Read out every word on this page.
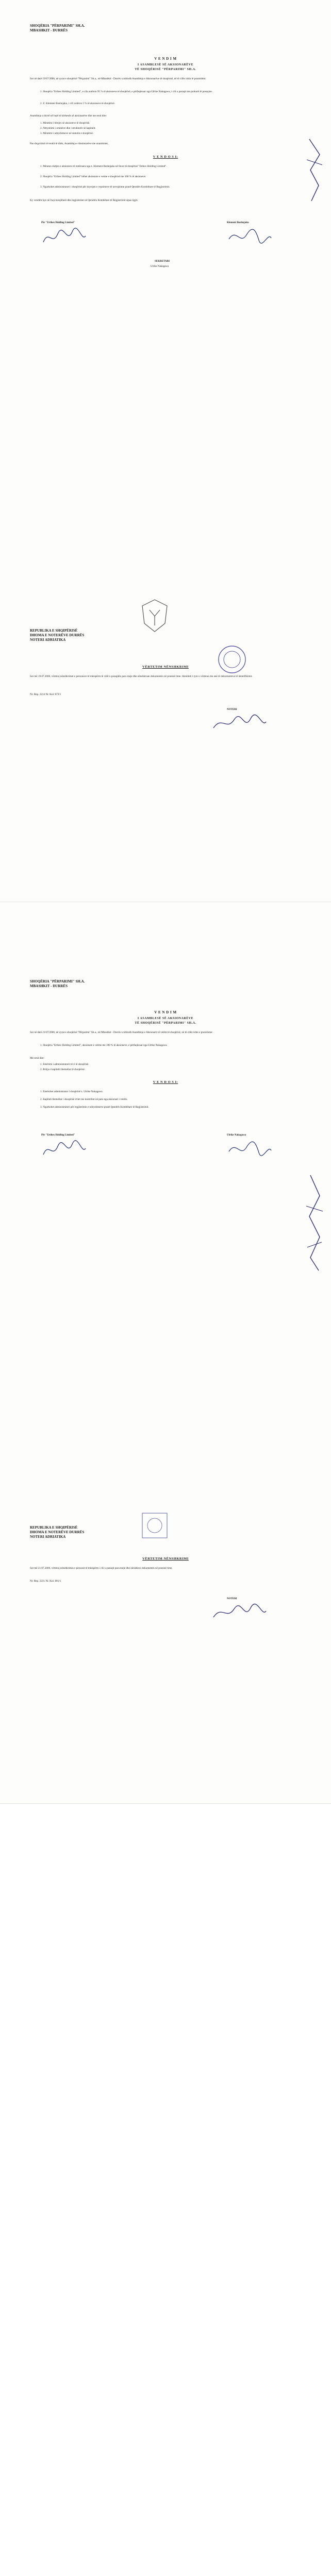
SHOQËRIA "PËRPARIMI" SH.A.
MBASHKIT - DURRËS
V E N D I M
I ASAMBLESË SË AKSIONARËVE
TË SHOQËRISË "PËRPARIMI" SH.A.
Sot në datë 19/07/2006, në zyrat e shoqërisë "Përparimi" Sh.a., në Mbashkit - Durrës u mblodh Asambleja e Aksionarëve të shoqërisë, në të cilën ishin të pranishëm:
1. Shoqëria "Erthex Holding Limited", e cila zotëron 95 % të aksioneve të shoqërisë, e përfaqësuar nga Ulrike Nakagawa, i cili u paraqit me prokurë të posaçme.
2. Z. Klement Boshnjaku, i cili zotëron 5 % të aksioneve të shoqërisë.
Asambleja u thirrë në bazë të kërkesës së aksionarëve dhe me rend dite:
1. Miratimi i blerjes së aksioneve të shoqërisë.
2. Ndryshimi i ortakëve dhe i strukturës së kapitalit.
3. Miratimi i ndryshimeve në statutin e shoqërisë.
Pas shqyrtimit të rendit të ditës, Asambleja e Aksionarëve me unanimitet,
V E N D O S I:
1. Miraton shitjen e aksioneve të zotëruara nga z. Klement Boshnjaku në favor të shoqërisë "Erthex Holding Limited".
2. Shoqëria "Erthex Holding Limited" bëhet aksionare e vetme e shoqërisë me 100 % të aksioneve.
3. Ngarkohet administratori i shoqërisë për kryerjen e veprimeve të nevojshme pranë Qendrës Kombëtare të Regjistrimit.
Ky vendim hyn në fuqi menjëherë dhe regjistrohet në Qendrën Kombëtare të Regjistrimit sipas ligjit.
Për "Erthex Holding Limited"	Klement Boshnjaku
SEKRETARI
Ulrike Nakagawa
REPUBLIKA E SHQIPËRISË
DHOMA E NOTERËVE DURRËS
NOTERI ADRIATIKA
VËRTETIM NËNSHKRIMI
Sot më 19.07.2006, vërtetoj nënshkrimet e personave të mësipërm të cilët u paraqitën para meje dhe nënshkruan dokumentin në praninë time. Identiteti i tyre u vërtetua me anë të dokumenteve të identifikimit.
Nr. Rep. 2214 Nr. Kol. 873/1
NOTERI
SHOQËRIA "PËRPARIMI" SH.A.
MBASHKIT - DURRËS
V E N D I M
I ASAMBLESË SË AKSIONARËVE
TË SHOQËRISË "PËRPARIMI" SH.A.
Sot në datë 21/07/2006, në zyrat e shoqërisë "Përparimi" Sh.a., në Mbashkit - Durrës u mblodh Asambleja e Aksionarit të vetëm të shoqërisë, në të cilën ishte e pranishme:
1. Shoqëria "Erthex Holding Limited", aksionare e vetme me 100 % të aksioneve, e përfaqësuar nga Ulrike Nakagawa.
Me rend dite:
1. Emërimi i administratorit të ri të shoqërisë.
2. Rritja e kapitalit themeltar të shoqërisë.
V E N D O S I:
1. Emërohet administrator i shoqërisë z. Ulrike Nakagawa.
2. Kapitali themeltar i shoqërisë rritet me kontribut në para nga aksionari i vetëm.
3. Ngarkohet administratori për regjistrimin e ndryshimeve pranë Qendrës Kombëtare të Regjistrimit.
Për "Erthex Holding Limited"	Ulrike Nakagawa
REPUBLIKA E SHQIPËRISË
DHOMA E NOTERËVE DURRËS
NOTERI ADRIATIKA
VËRTETIM NËNSHKRIMI
Sot më 21.07.2006, vërtetoj nënshkrimin e personit të mësipërm i cili u paraqit para meje dhe nënshkroi dokumentin në praninë time.
Nr. Rep. 2231 Nr. Kol. 881/1
NOTERI
